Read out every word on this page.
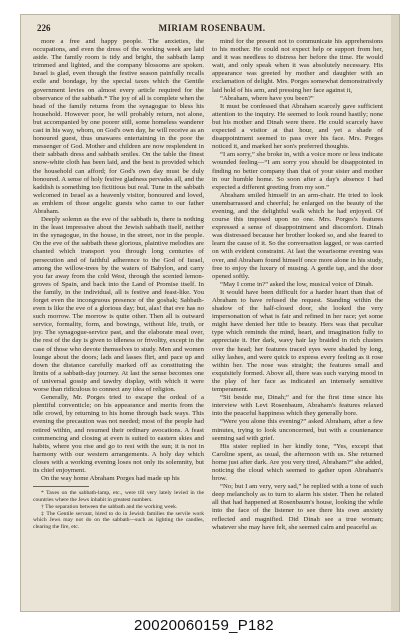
226	MIRIAM ROSENBAUM.

more a free and happy people. The anxieties, the occupations, and even the dress of the working week are laid aside. The family room is tidy and bright, the sabbath lamp trimmed and lighted, and the company blossoms are spoken. Israel is glad, even though the festive season painfully recalls exile and bondage, by the special taxes which the Gentile government levies on almost every article required for the observance of the sabbath.* The joy of all is complete when the head of the family returns from the synagogue to bless his household. However poor, he will probably return, not alone, but accompanied by one poorer still, some homeless wanderer cast in his way, whom, on God's own day, he will receive as an honoured guest, thus unawares entertaining in the poor the messenger of God. Mother and children are now resplendent in their sabbath dress and sabbath smiles. On the table the finest snow-white cloth has been laid, and the best is provided which the household can afford; for God's own day must be duly honoured. A sense of holy festive gladness pervades all, and the kaddish is something too fictitious but real. Tune in the sabbath welcomed in Israel as a heavenly visitor, honoured and loved, as emblem of those angelic guests who came to our father Abraham.

Deeply solemn as the eve of the sabbath is, there is nothing in the least impressive about the Jewish sabbath itself, neither in the synagogue, in the house, in the street, nor in the people. On the eve of the sabbath these glorious, plaintive melodies are chanted which transport you through long centuries of persecution and of faithful adherence to the God of Israel, among the willow-trees by the waters of Babylon, and carry you far away from the cold West, through the scented lemon-groves of Spain, and back into the Land of Promise itself. In the family, in the individual, all is festive and feast-like. You forget even the incongruous presence of the goshak; Sabbath-even is like the eve of a glorious day; but, alas! that eve has no such morrow. The morrow is quite other. Then all is outward service, formality, form, and bowings, without life, truth, or joy. The synagogue-service past, and the elaborate meal over, the rest of the day is given to idleness or frivolity, except in the case of those who devote themselves to study. Men and women lounge about the doors; lads and lasses flirt, and pace up and down the distance carefully marked off as constituting the limits of a sabbath-day journey. At last the sense becomes one of universal gossip and tawdry display, with which it were worse than ridiculous to connect any idea of religion.

Generally, Mr. Porges tried to escape the ordeal of a plentiful conventicle; on his appearance and merits from the idle crowd, by returning to his home through back ways. This evening the precaution was not needed; most of the people had retired within, and resumed their ordinary avocations. A feast commencing and closing at even is suited to eastern skies and habits, where you rise and go to rest with the sun; it is not in harmony with our western arrangements. A holy day which closes with a working evening loses not only its solemnity, but its chief enjoyment.

On the way home Abraham Porges had made up his

* Taxes on the sabbath-lamp, etc., were till very lately levied in the countries where the Jews inhabit in greatest numbers.

† The separation between the sabbath and the working week.

‡ The Gentile servant, hired to do in Jewish families the servile work which Jews may not do on the sabbath—such as lighting the candles, clearing the fire, etc.

mind for the present not to communicate his apprehensions to his mother. He could not expect help or support from her, and it was needless to distress her before the time. He would wait, and only speak when it was absolutely necessary. His appearance was greeted by mother and daughter with an exclamation of delight. Mrs. Porges somewhat demonstratively laid hold of his arm, and pressing her face against it,

“Abraham, where have you been?”

It must be confessed that Abraham scarcely gave sufficient attention to the inquiry. He seemed to look round hastily; none but his mother and Dinah were there. He could scarcely have expected a visitor at that hour, and yet a shade of disappointment seemed to pass over his face. Mrs. Porges noticed it, and marked her son's preferred thoughts.

“I am sorry,” she broke in, with a voice more or less indicate wounded feeling—“I am sorry you should be disappointed in finding no better company than that of your sister and mother in our humble home. So soon after a day's absence I had expected a different greeting from my son.”

Abraham smiled himself in an arm-chair. He tried to look unembarrassed and cheerful; he enlarged on the beauty of the evening, and the delightful walk which he had enjoyed. Of course this imposed upon no one. Mrs. Porges's features expressed a sense of disappointment and discomfort. Dinah was distressed because her brother looked so, and she feared to learn the cause of it. So the conversation lagged, or was carried on with evident constraint. At last the wearisome evening was over, and Abraham found himself once more alone in his study, free to enjoy the luxury of musing. A gentle tap, and the door opened softly.

“May I come in?” asked the low, musical voice of Dinah.

It would have been difficult for a harder heart than that of Abraham to have refused the request. Standing within the shadow of the half-closed door, she looked the very impersonation of what is fair and refined in her race; yet some might have denied her title to beauty. Hers was that peculiar type which reminds the mind, heart, and imagination fully to appreciate it. Her dark, wavy hair lay braided in rich clusters over the head; her features traced eyes were shaded by long, silky lashes, and were quick to express every feeling as it rose within her. The nose was straight; the features small and exquisitely formed. Above all, there was such varying mood in the play of her face as indicated an intensely sensitive temperament.

“Sit beside me, Dinah;” and for the first time since his interview with Levi Rosenbaum, Abraham's features relaxed into the peaceful happiness which they generally bore.

“Were you alone this evening?” asked Abraham, after a few minutes, trying to look unconcerned, but with a countenance seeming sad with grief.

His sister replied in her kindly tone, “Yes, except that Caroline spent, as usual, the afternoon with us. She returned home just after dark. Are you very tired, Abraham?” she added, noticing the cloud which seemed to gather upon Abraham's brow.

“No; but I am very, very sad,” he replied with a tone of such deep melancholy as to turn to alarm his sister. Then he related all that had happened at Rosenbaum's house, looking the while into the face of the listener to see there his own anxiety reflected and magnified. Did Dinah see a true woman; whatever she may have felt, she seemed calm and peaceful as

20020060159_P182
